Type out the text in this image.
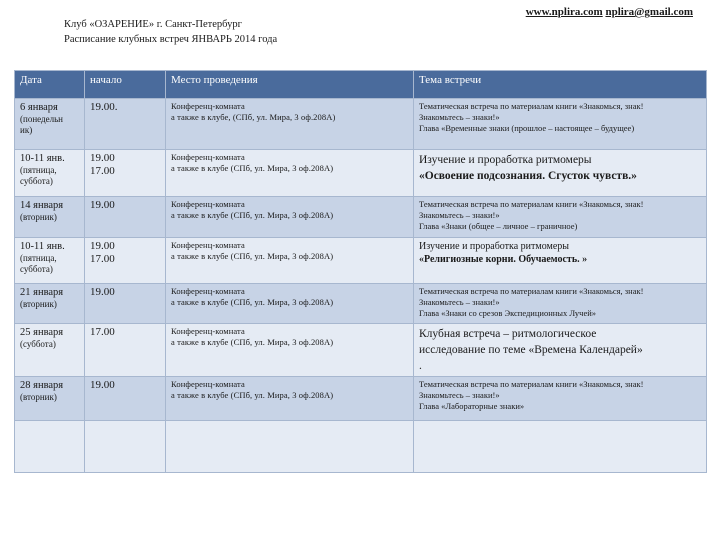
www.nplira.com nplira@gmail.com
Клуб «ОЗАРЕНИЕ» г. Санкт-Петербург
Расписание клубных встреч ЯНВАРЬ 2014 года
Дата	начало	Место проведения	Тема встречи

6 января
(понедельн
ик)	19.00.	Конференц-комната
а также в клубе, (СПб, ул. Мира, 3 оф.208А)	Тематическая встреча по материалам книги «Знакомься, знак!
Знакомьтесь – знаки!»
Глава «Временные знаки (прошлое – настоящее – будущее)

10-11 янв.
(пятница,
суббота)	19.00
17.00	Конференц-комната
а также в клубе (СПб, ул. Мира, 3 оф.208А)	Изучение и проработка ритмомеры
«Освоение подсознания. Сгусток чувств.»

14 января
(вторник)	19.00	Конференц-комната
а также в клубе (СПб, ул. Мира, 3 оф.208А)	Тематическая встреча по материалам книги «Знакомься, знак!
Знакомьтесь – знаки!»
Глава «Знаки (общее – личное – граничное)

10-11 янв.
(пятница,
суббота)	19.00
17.00	Конференц-комната
а также в клубе (СПб, ул. Мира, 3 оф.208А)	Изучение и проработка ритмомеры
«Религиозные корни. Обучаемость. »

21 января
(вторник)	19.00	Конференц-комната
а также в клубе (СПб, ул. Мира, 3 оф.208А)	Тематическая встреча по материалам книги «Знакомься, знак!
Знакомьтесь – знаки!»
Глава «Знаки со срезов Экспедиционных Лучей»

25 января
(суббота)	17.00	Конференц-комната
а также в клубе (СПб, ул. Мира, 3 оф.208А)	Клубная встреча – ритмологическое
исследование по теме «Времена Календарей»
.

28 января
(вторник)	19.00	Конференц-комната
а также в клубе (СПб, ул. Мира, 3 оф.208А)	Тематическая встреча по материалам книги «Знакомься, знак!
Знакомьтесь – знаки!»
Глава «Лабораторные знаки»
